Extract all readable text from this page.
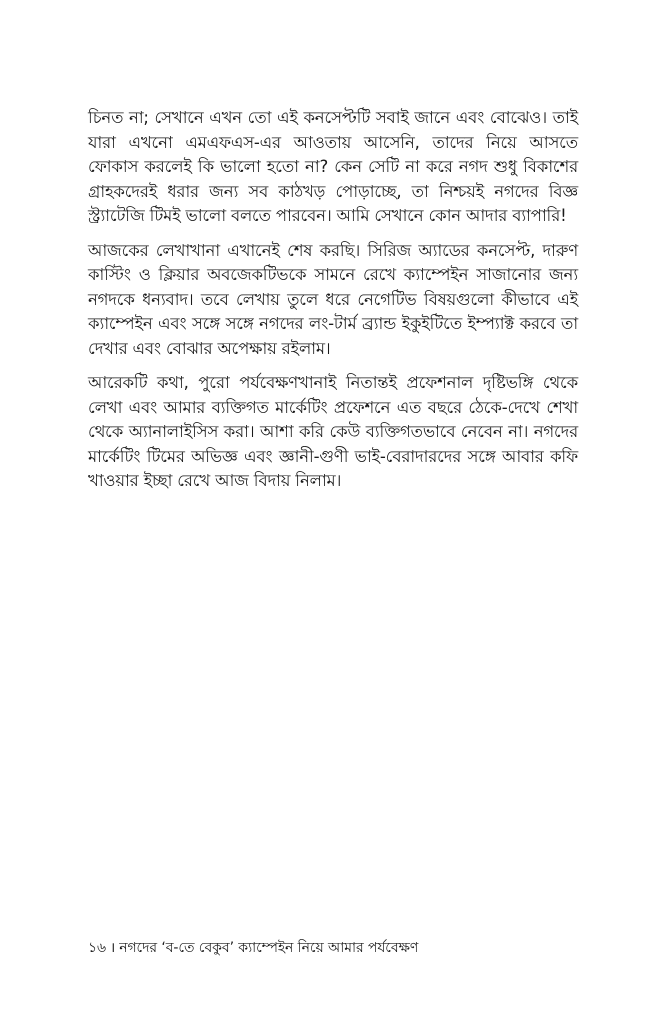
চিনত না; সেখানে এখন তো এই কনসেপ্টটি সবাই জানে এবং বোঝেও। তাই যারা এখনো এমএফএস-এর আওতায় আসেনি, তাদের নিয়ে আসতে ফোকাস করলেই কি ভালো হতো না? কেন সেটি না করে নগদ শুধু বিকাশের গ্রাহকদেরই ধরার জন্য সব কাঠখড় পোড়াচ্ছে, তা নিশ্চয়ই নগদের বিজ্ঞ স্ট্র্যাটেজি টিমই ভালো বলতে পারবেন। আমি সেখানে কোন আদার ব্যাপারি!

আজকের লেখাখানা এখানেই শেষ করছি। সিরিজ অ্যাডের কনসেপ্ট, দারুণ কাস্টিং ও ক্লিয়ার অবজেকটিভকে সামনে রেখে ক্যাম্পেইন সাজানোর জন্য নগদকে ধন্যবাদ। তবে লেখায় তুলে ধরে নেগেটিভ বিষয়গুলো কীভাবে এই ক্যাম্পেইন এবং সঙ্গে সঙ্গে নগদের লং-টার্ম ব্র্যান্ড ইকুইটিতে ইম্প্যাক্ট করবে তা দেখার এবং বোঝার অপেক্ষায় রইলাম।

আরেকটি কথা, পুরো পর্যবেক্ষণখানাই নিতান্তই প্রফেশনাল দৃষ্টিভঙ্গি থেকে লেখা এবং আমার ব্যক্তিগত মার্কেটিং প্রফেশনে এত বছরে ঠেকে-দেখে শেখা থেকে অ্যানালাইসিস করা। আশা করি কেউ ব্যক্তিগতভাবে নেবেন না। নগদের মার্কেটিং টিমের অভিজ্ঞ এবং জ্ঞানী-গুণী ভাই-বেরাদারদের সঙ্গে আবার কফি খাওয়ার ইচ্ছা রেখে আজ বিদায় নিলাম।

১৬ । নগদের ‘ব-তে বেকুব’ ক্যাম্পেইন নিয়ে আমার পর্যবেক্ষণ
